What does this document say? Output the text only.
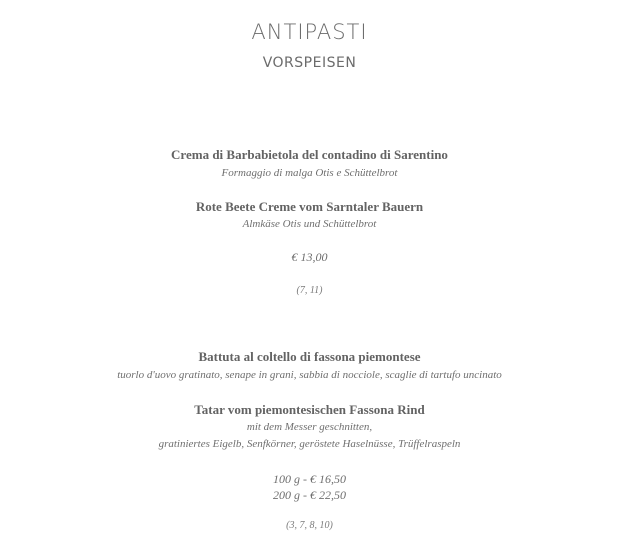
ANTIPASTI
VORSPEISEN
Crema di Barbabietola del contadino di Sarentino
Formaggio di malga Otis e Schüttelbrot
Rote Beete Creme vom Sarntaler Bauern
Almkäse Otis und Schüttelbrot
€ 13,00
(7, 11)
Battuta al coltello di fassona piemontese
tuorlo d'uovo gratinato, senape in grani, sabbia di nocciole, scaglie di tartufo uncinato
Tatar vom piemontesischen Fassona Rind
mit dem Messer geschnitten,
gratiniertes Eigelb, Senfkörner, geröstete Haselnüsse, Trüffelraspeln
100 g - € 16,50
200 g - € 22,50
(3, 7, 8, 10)
